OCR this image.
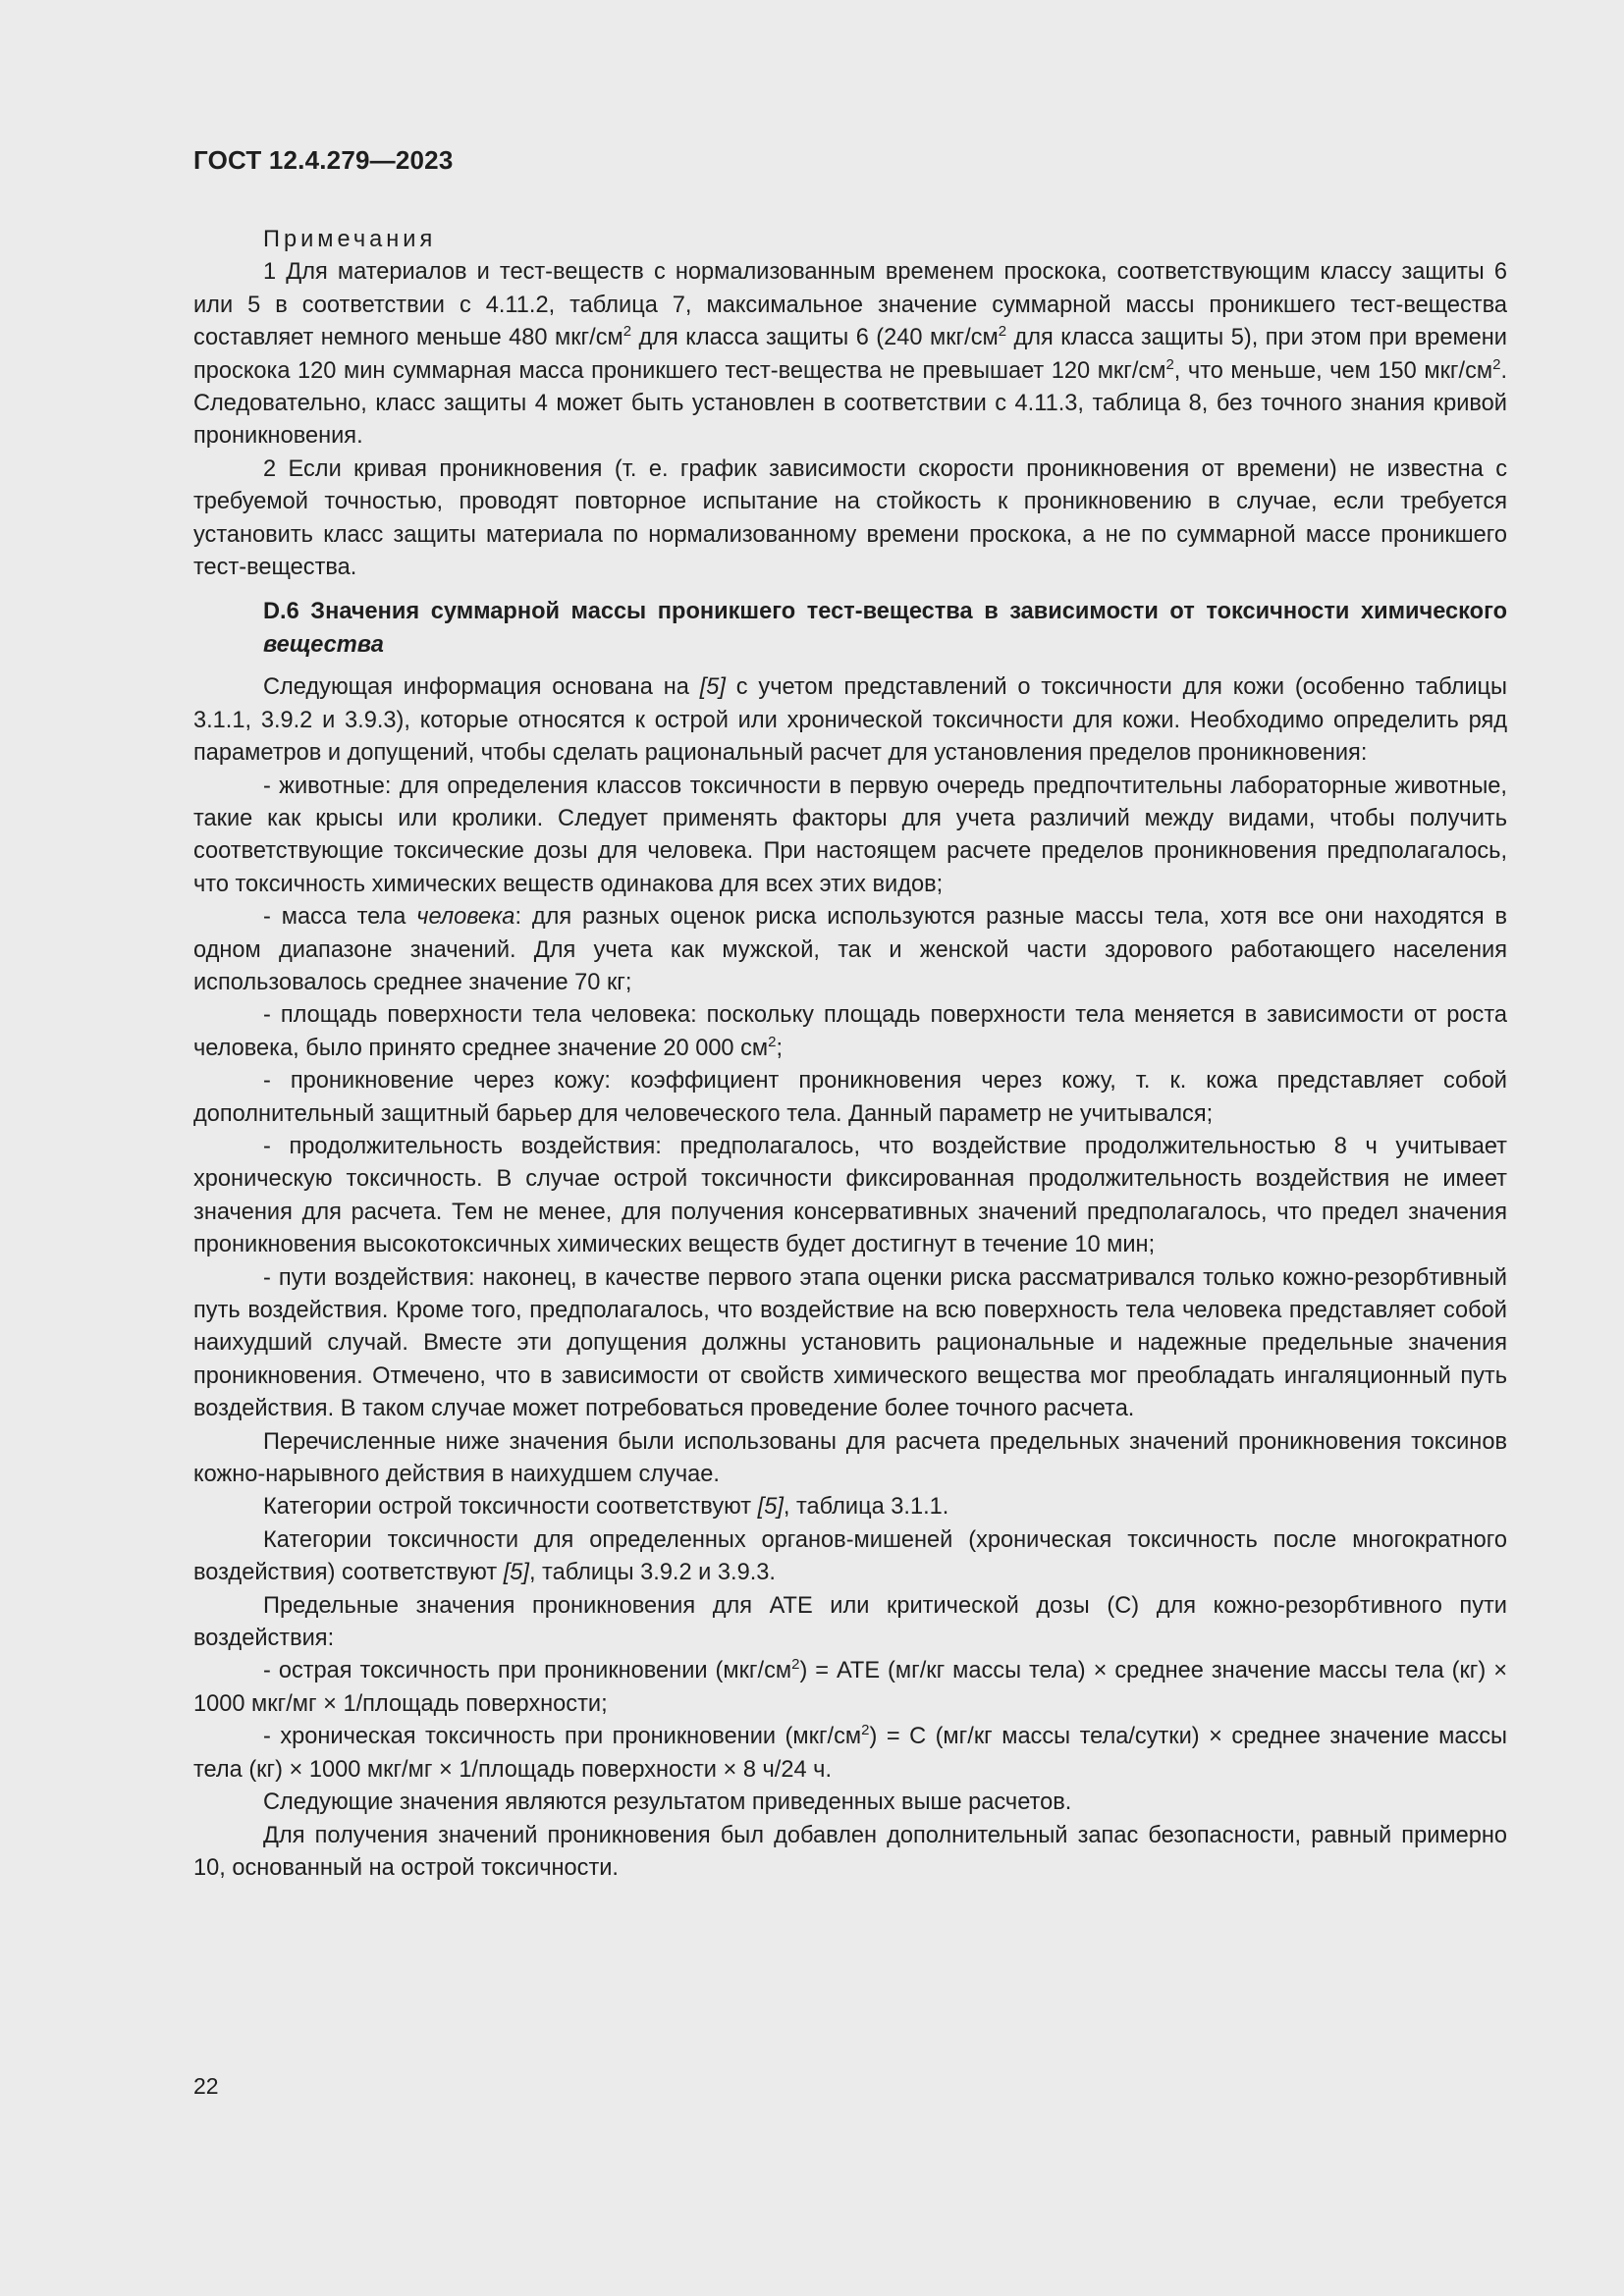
ГОСТ 12.4.279—2023

Примечания

1 Для материалов и тест-веществ с нормализованным временем проскока, соответствующим классу защиты 6 или 5 в соответствии с 4.11.2, таблица 7, максимальное значение суммарной массы проникшего тест-вещества составляет немного меньше 480 мкг/$см^2$ для класса защиты 6 (240 мкг/$см^2$ для класса защиты 5), при этом при времени проскока 120 мин суммарная масса проникшего тест-вещества не превышает 120 мкг/$см^2$, что меньше, чем 150 мкг/$см^2$. Следовательно, класс защиты 4 может быть установлен в соответствии с 4.11.3, таблица 8, без точного знания кривой проникновения.

2 Если кривая проникновения (т. е. график зависимости скорости проникновения от времени) не известна с требуемой точностью, проводят повторное испытание на стойкость к проникновению в случае, если требуется установить класс защиты материала по нормализованному времени проскока, а не по суммарной массе проникшего тест-вещества.

D.6 Значения суммарной массы проникшего тест-вещества в зависимости от токсичности химического вещества

Следующая информация основана на [5] с учетом представлений о токсичности для кожи (особенно таблицы 3.1.1, 3.9.2 и 3.9.3), которые относятся к острой или хронической токсичности для кожи. Необходимо определить ряд параметров и допущений, чтобы сделать рациональный расчет для установления пределов проникновения:

- животные: для определения классов токсичности в первую очередь предпочтительны лабораторные животные, такие как крысы или кролики. Следует применять факторы для учета различий между видами, чтобы получить соответствующие токсические дозы для человека. При настоящем расчете пределов проникновения предполагалось, что токсичность химических веществ одинакова для всех этих видов;

- масса тела человека: для разных оценок риска используются разные массы тела, хотя все они находятся в одном диапазоне значений. Для учета как мужской, так и женской части здорового работающего населения использовалось среднее значение 70 кг;

- площадь поверхности тела человека: поскольку площадь поверхности тела меняется в зависимости от роста человека, было принято среднее значение 20 000 $см^2$;

- проникновение через кожу: коэффициент проникновения через кожу, т. к. кожа представляет собой дополнительный защитный барьер для человеческого тела. Данный параметр не учитывался;

- продолжительность воздействия: предполагалось, что воздействие продолжительностью 8 ч учитывает хроническую токсичность. В случае острой токсичности фиксированная продолжительность воздействия не имеет значения для расчета. Тем не менее, для получения консервативных значений предполагалось, что предел значения проникновения высокотоксичных химических веществ будет достигнут в течение 10 мин;

- пути воздействия: наконец, в качестве первого этапа оценки риска рассматривался только кожно-резорбтивный путь воздействия. Кроме того, предполагалось, что воздействие на всю поверхность тела человека представляет собой наихудший случай. Вместе эти допущения должны установить рациональные и надежные предельные значения проникновения. Отмечено, что в зависимости от свойств химического вещества мог преобладать ингаляционный путь воздействия. В таком случае может потребоваться проведение более точного расчета.

Перечисленные ниже значения были использованы для расчета предельных значений проникновения токсинов кожно-нарывного действия в наихудшем случае.

Категории острой токсичности соответствуют [5], таблица 3.1.1.

Категории токсичности для определенных органов-мишеней (хроническая токсичность после многократного воздействия) соответствуют [5], таблицы 3.9.2 и 3.9.3.

Предельные значения проникновения для АТЕ или критической дозы (С) для кожно-резорбтивного пути воздействия:

- острая токсичность при проникновении $(мкг/см^2)$ = АТЕ (мг/кг массы тела) × среднее значение массы тела (кг) × 1000 мкг/мг × 1/площадь поверхности;

- хроническая токсичность при проникновении $(мкг/см^2) = С$ (мг/кг массы тела/сутки) × среднее значение массы тела (кг) × 1000 мкг/мг × 1/площадь поверхности × 8 ч/24 ч.

Следующие значения являются результатом приведенных выше расчетов.

Для получения значений проникновения был добавлен дополнительный запас безопасности, равный примерно 10, основанный на острой токсичности.

22
